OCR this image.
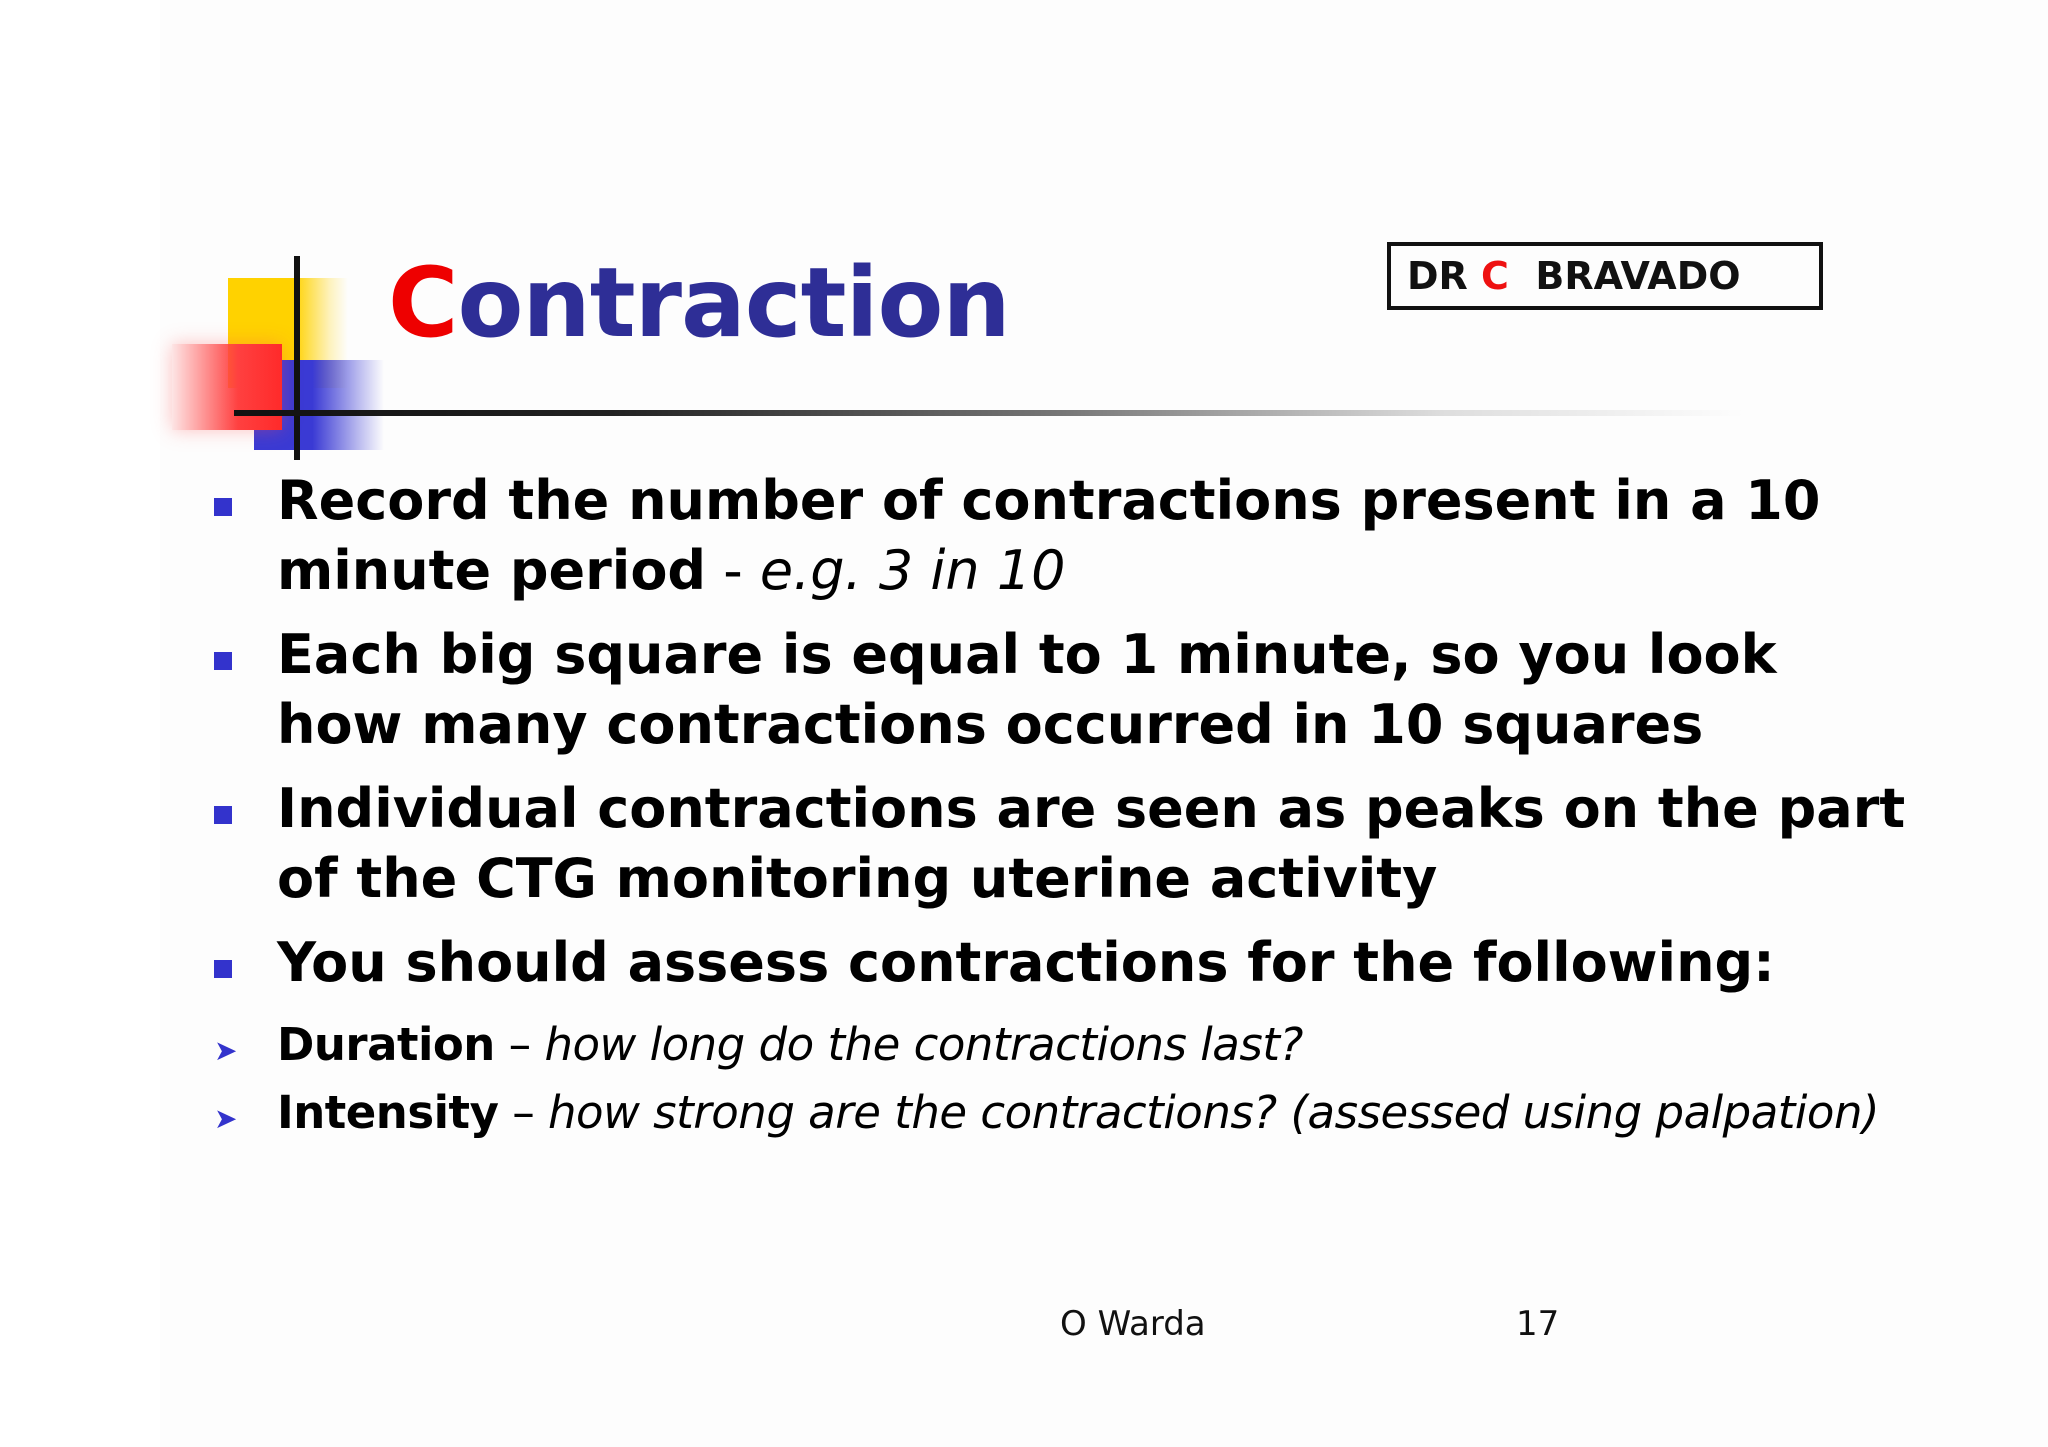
Contraction	DR C  BRAVADO
Record the number of contractions present in a 10
minute period - e.g. 3 in 10
Each big square is equal to 1 minute, so you look
how many contractions occurred in 10 squares
Individual contractions are seen as peaks on the part
of the CTG monitoring uterine activity
You should assess contractions for the following:
➤ Duration – how long do the contractions last?
➤ Intensity – how strong are the contractions? (assessed using palpation)
O Warda	17
